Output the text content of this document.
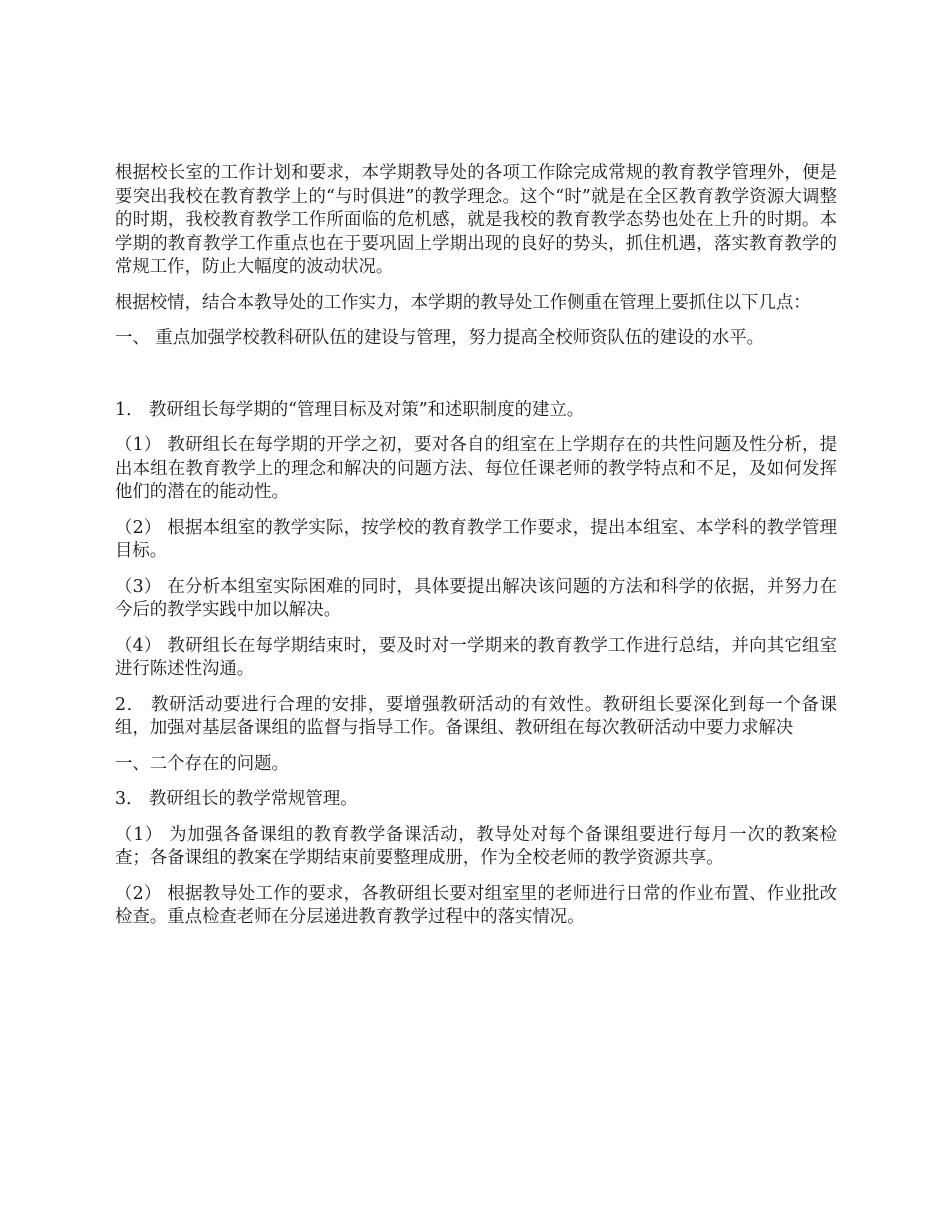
根据校长室的工作计划和要求，本学期教导处的各项工作除完成常规的教育教学管理外，便是要突出我校在教育教学上的“与时俱进”的教学理念。这个“时”就是在全区教育教学资源大调整的时期，我校教育教学工作所面临的危机感，就是我校的教育教学态势也处在上升的时期。本学期的教育教学工作重点也在于要巩固上学期出现的良好的势头，抓住机遇，落实教育教学的常规工作，防止大幅度的波动状况。

根据校情，结合本教导处的工作实力，本学期的教导处工作侧重在管理上要抓住以下几点：

一、 重点加强学校教科研队伍的建设与管理，努力提高全校师资队伍的建设的水平。

1． 教研组长每学期的“管理目标及对策”和述职制度的建立。

（1） 教研组长在每学期的开学之初，要对各自的组室在上学期存在的共性问题及性分析，提出本组在教育教学上的理念和解决的问题方法、每位任课老师的教学特点和不足，及如何发挥他们的潜在的能动性。

（2） 根据本组室的教学实际，按学校的教育教学工作要求，提出本组室、本学科的教学管理目标。

（3） 在分析本组室实际困难的同时，具体要提出解决该问题的方法和科学的依据，并努力在今后的教学实践中加以解决。

（4） 教研组长在每学期结束时，要及时对一学期来的教育教学工作进行总结，并向其它组室进行陈述性沟通。

2． 教研活动要进行合理的安排，要增强教研活动的有效性。教研组长要深化到每一个备课组，加强对基层备课组的监督与指导工作。备课组、教研组在每次教研活动中要力求解决

一、二个存在的问题。

3． 教研组长的教学常规管理。

（1） 为加强各备课组的教育教学备课活动，教导处对每个备课组要进行每月一次的教案检查；各备课组的教案在学期结束前要整理成册，作为全校老师的教学资源共享。

（2） 根据教导处工作的要求，各教研组长要对组室里的老师进行日常的作业布置、作业批改检查。重点检查老师在分层递进教育教学过程中的落实情况。
